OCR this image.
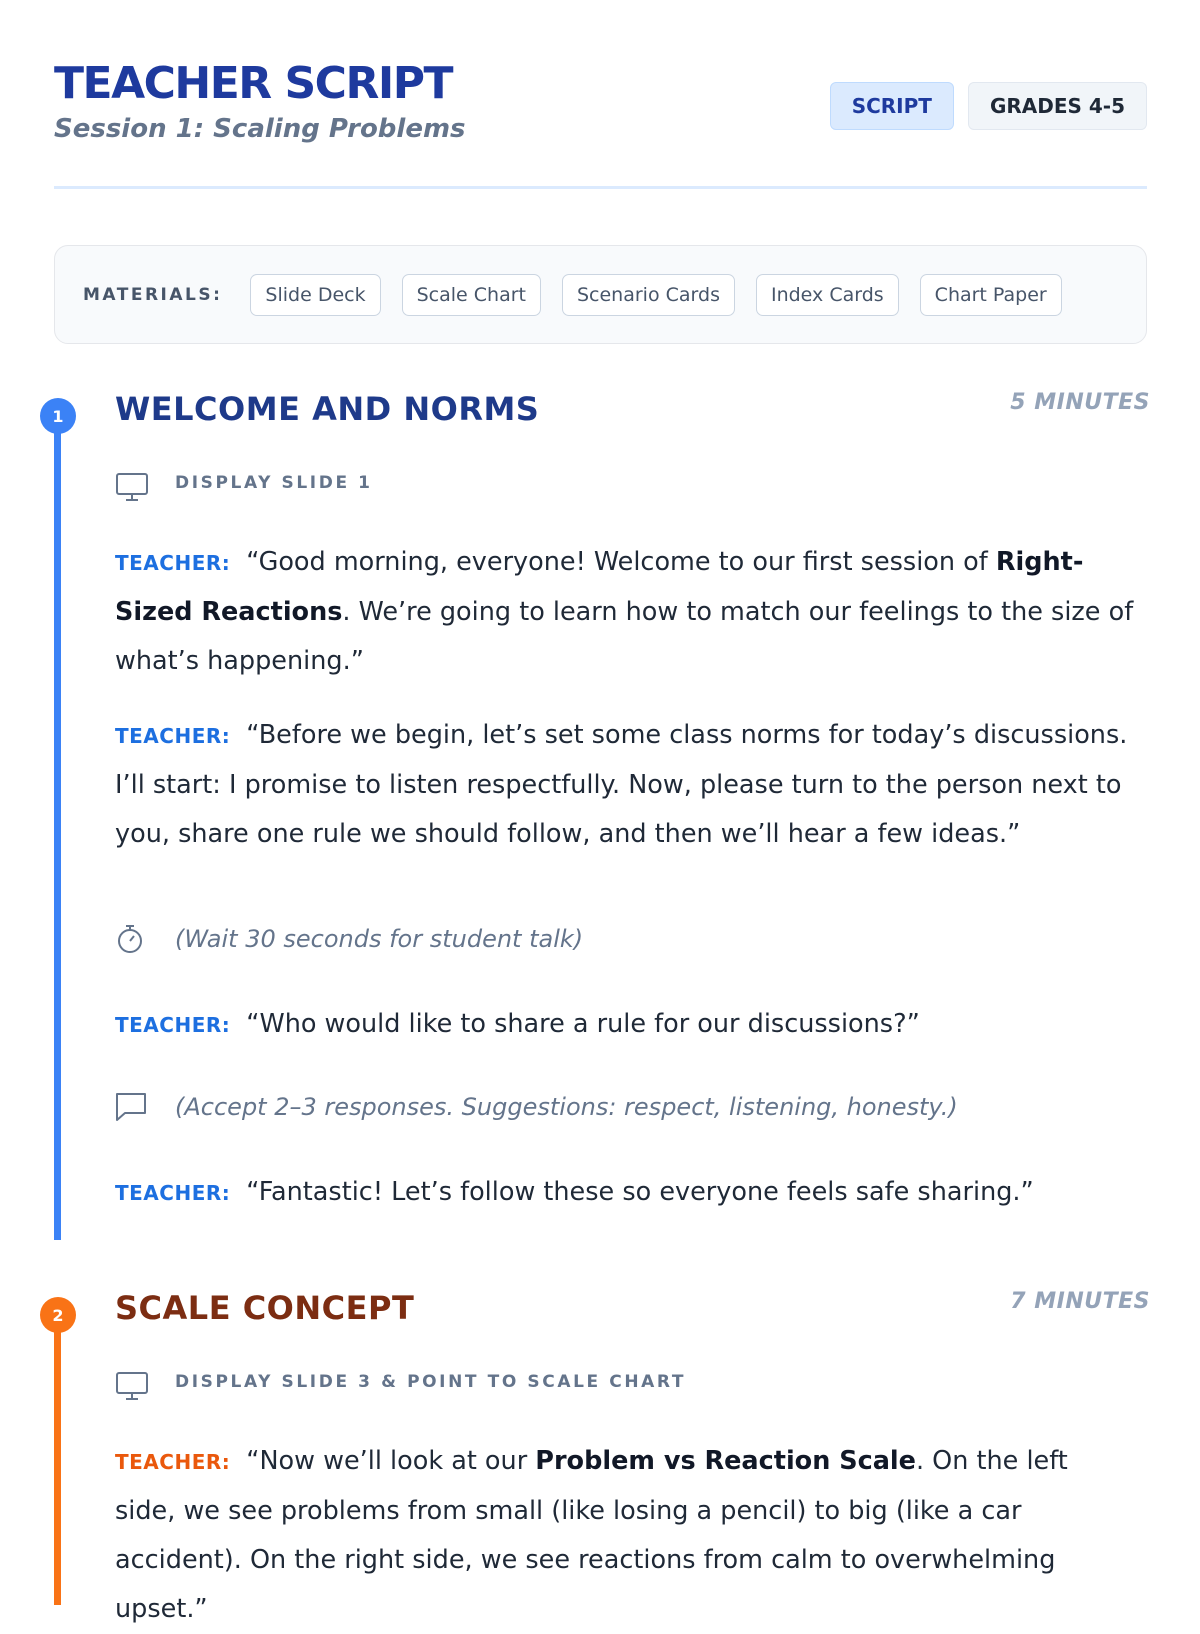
TEACHER SCRIPT
Session 1: Scaling Problems
SCRIPT	GRADES 4-5
MATERIALS:	Slide Deck	Scale Chart	Scenario Cards	Index Cards	Chart Paper
1	WELCOME AND NORMS	5 MINUTES
DISPLAY SLIDE 1
TEACHER: “Good morning, everyone! Welcome to our first session of Right-Sized Reactions. We’re going to learn how to match our feelings to the size of what’s happening.”
TEACHER: “Before we begin, let’s set some class norms for today’s discussions. I’ll start: I promise to listen respectfully. Now, please turn to the person next to you, share one rule we should follow, and then we’ll hear a few ideas.”
(Wait 30 seconds for student talk)
TEACHER: “Who would like to share a rule for our discussions?”
(Accept 2–3 responses. Suggestions: respect, listening, honesty.)
TEACHER: “Fantastic! Let’s follow these so everyone feels safe sharing.”
2	SCALE CONCEPT	7 MINUTES
DISPLAY SLIDE 3 & POINT TO SCALE CHART
TEACHER: “Now we’ll look at our Problem vs Reaction Scale. On the left side, we see problems from small (like losing a pencil) to big (like a car accident). On the right side, we see reactions from calm to overwhelming upset.”
